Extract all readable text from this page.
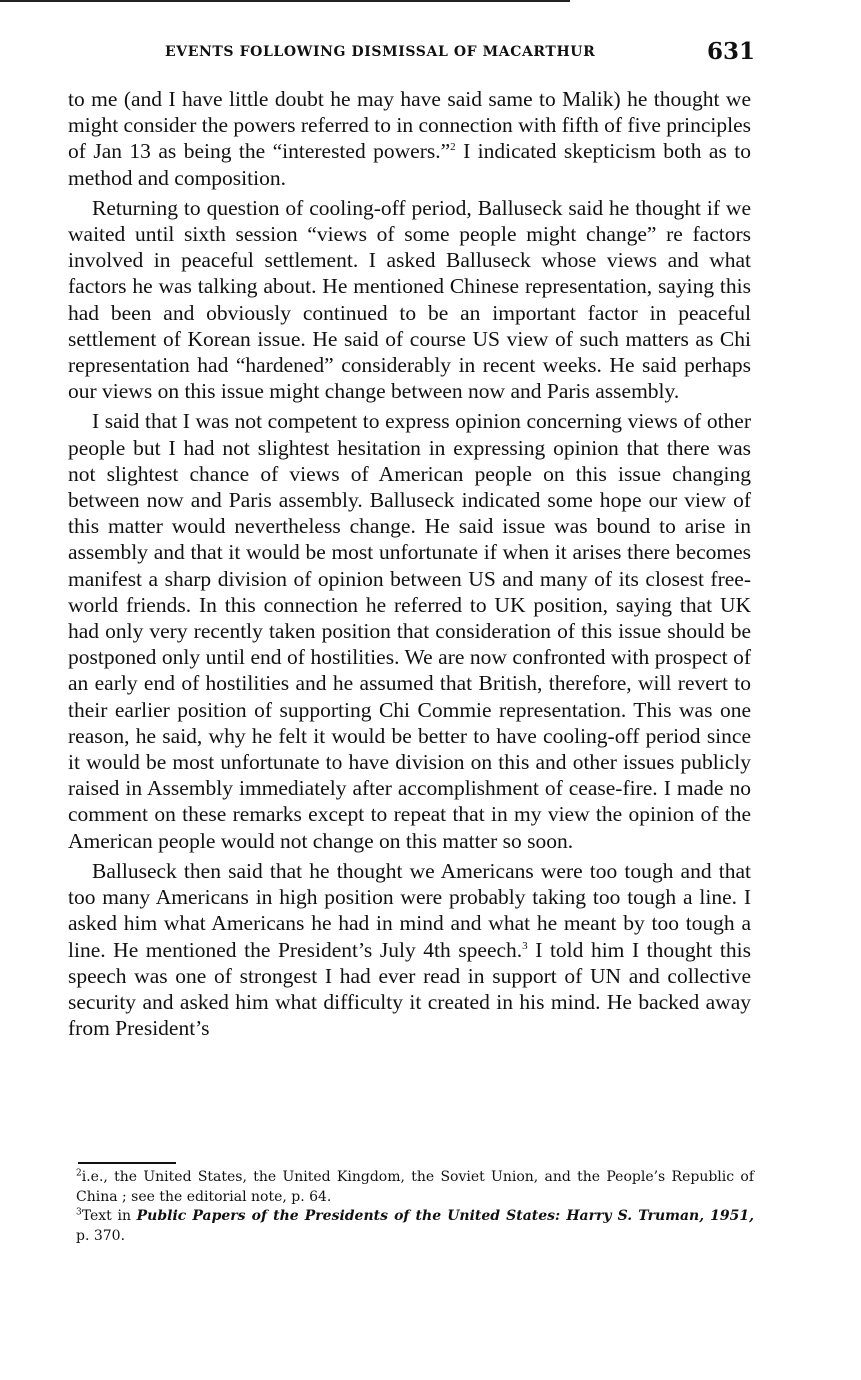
EVENTS FOLLOWING DISMISSAL OF MACARTHUR	631

to me (and I have little doubt he may have said same to Malik) he thought we might consider the powers referred to in connection with fifth of five principles of Jan 13 as being the “interested powers.”$^2$ I indicated skepticism both as to method and composition.

Returning to question of cooling-off period, Balluseck said he thought if we waited until sixth session “views of some people might change” re factors involved in peaceful settlement. I asked Balluseck whose views and what factors he was talking about. He mentioned Chinese representation, saying this had been and obviously continued to be an important factor in peaceful settlement of Korean issue. He said of course US view of such matters as Chi representation had “hardened” considerably in recent weeks. He said perhaps our views on this issue might change between now and Paris assembly.

I said that I was not competent to express opinion concerning views of other people but I had not slightest hesitation in expressing opinion that there was not slightest chance of views of American people on this issue changing between now and Paris assembly. Balluseck indicated some hope our view of this matter would nevertheless change. He said issue was bound to arise in assembly and that it would be most unfortunate if when it arises there becomes manifest a sharp division of opinion between US and many of its closest free-world friends. In this connection he referred to UK position, saying that UK had only very recently taken position that consideration of this issue should be postponed only until end of hostilities. We are now confronted with prospect of an early end of hostilities and he assumed that British, therefore, will revert to their earlier position of supporting Chi Commie representation. This was one reason, he said, why he felt it would be better to have cooling-off period since it would be most unfortunate to have division on this and other issues publicly raised in Assembly immediately after accomplishment of cease-fire. I made no comment on these remarks except to repeat that in my view the opinion of the American people would not change on this matter so soon.

Balluseck then said that he thought we Americans were too tough and that too many Americans in high position were probably taking too tough a line. I asked him what Americans he had in mind and what he meant by too tough a line. He mentioned the President’s July 4th speech.$^3$ I told him I thought this speech was one of strongest I had ever read in support of UN and collective security and asked him what difficulty it created in his mind. He backed away from President’s

$^2$i.e., the United States, the United Kingdom, the Soviet Union, and the People’s Republic of China ; see the editorial note, p. 64.

$^3$Text in Public Papers of the Presidents of the United States: Harry S. Truman, 1951, p. 370.
